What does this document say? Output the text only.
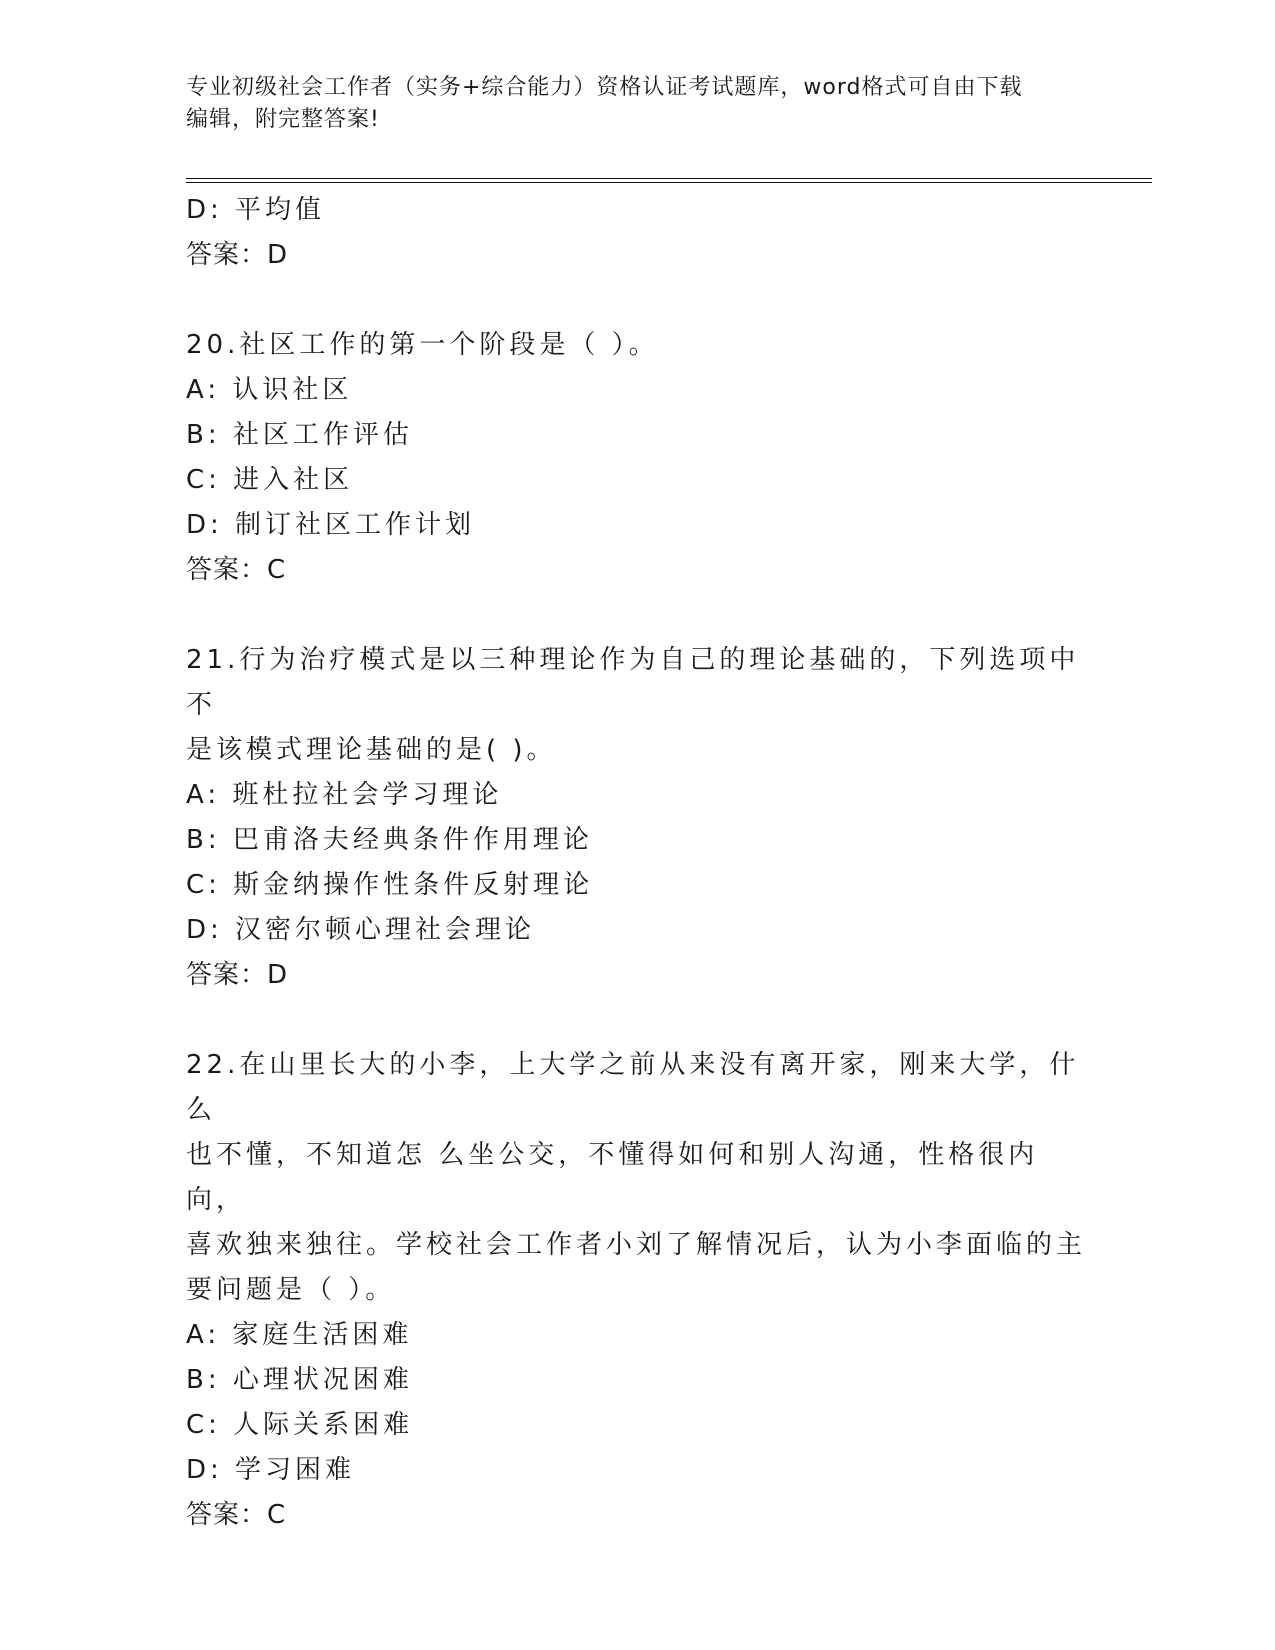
专业初级社会工作者（实务+综合能力）资格认证考试题库，word格式可自由下载
编辑，附完整答案!
D: 平均值
答案：D
20.社区工作的第一个阶段是（ ）。
A: 认识社区
B: 社区工作评估
C: 进入社区
D: 制订社区工作计划
答案：C
21.行为治疗模式是以三种理论作为自己的理论基础的，下列选项中不
是该模式理论基础的是( )。
A: 班杜拉社会学习理论
B: 巴甫洛夫经典条件作用理论
C: 斯金纳操作性条件反射理论
D: 汉密尔顿心理社会理论
答案：D
22.在山里长大的小李，上大学之前从来没有离开家，刚来大学，什么
也不懂，不知道怎 么坐公交，不懂得如何和别人沟通，性格很内向，
喜欢独来独往。学校社会工作者小刘了解情况后，认为小李面临的主
要问题是（ ）。
A: 家庭生活困难
B: 心理状况困难
C: 人际关系困难
D: 学习困难
答案：C
